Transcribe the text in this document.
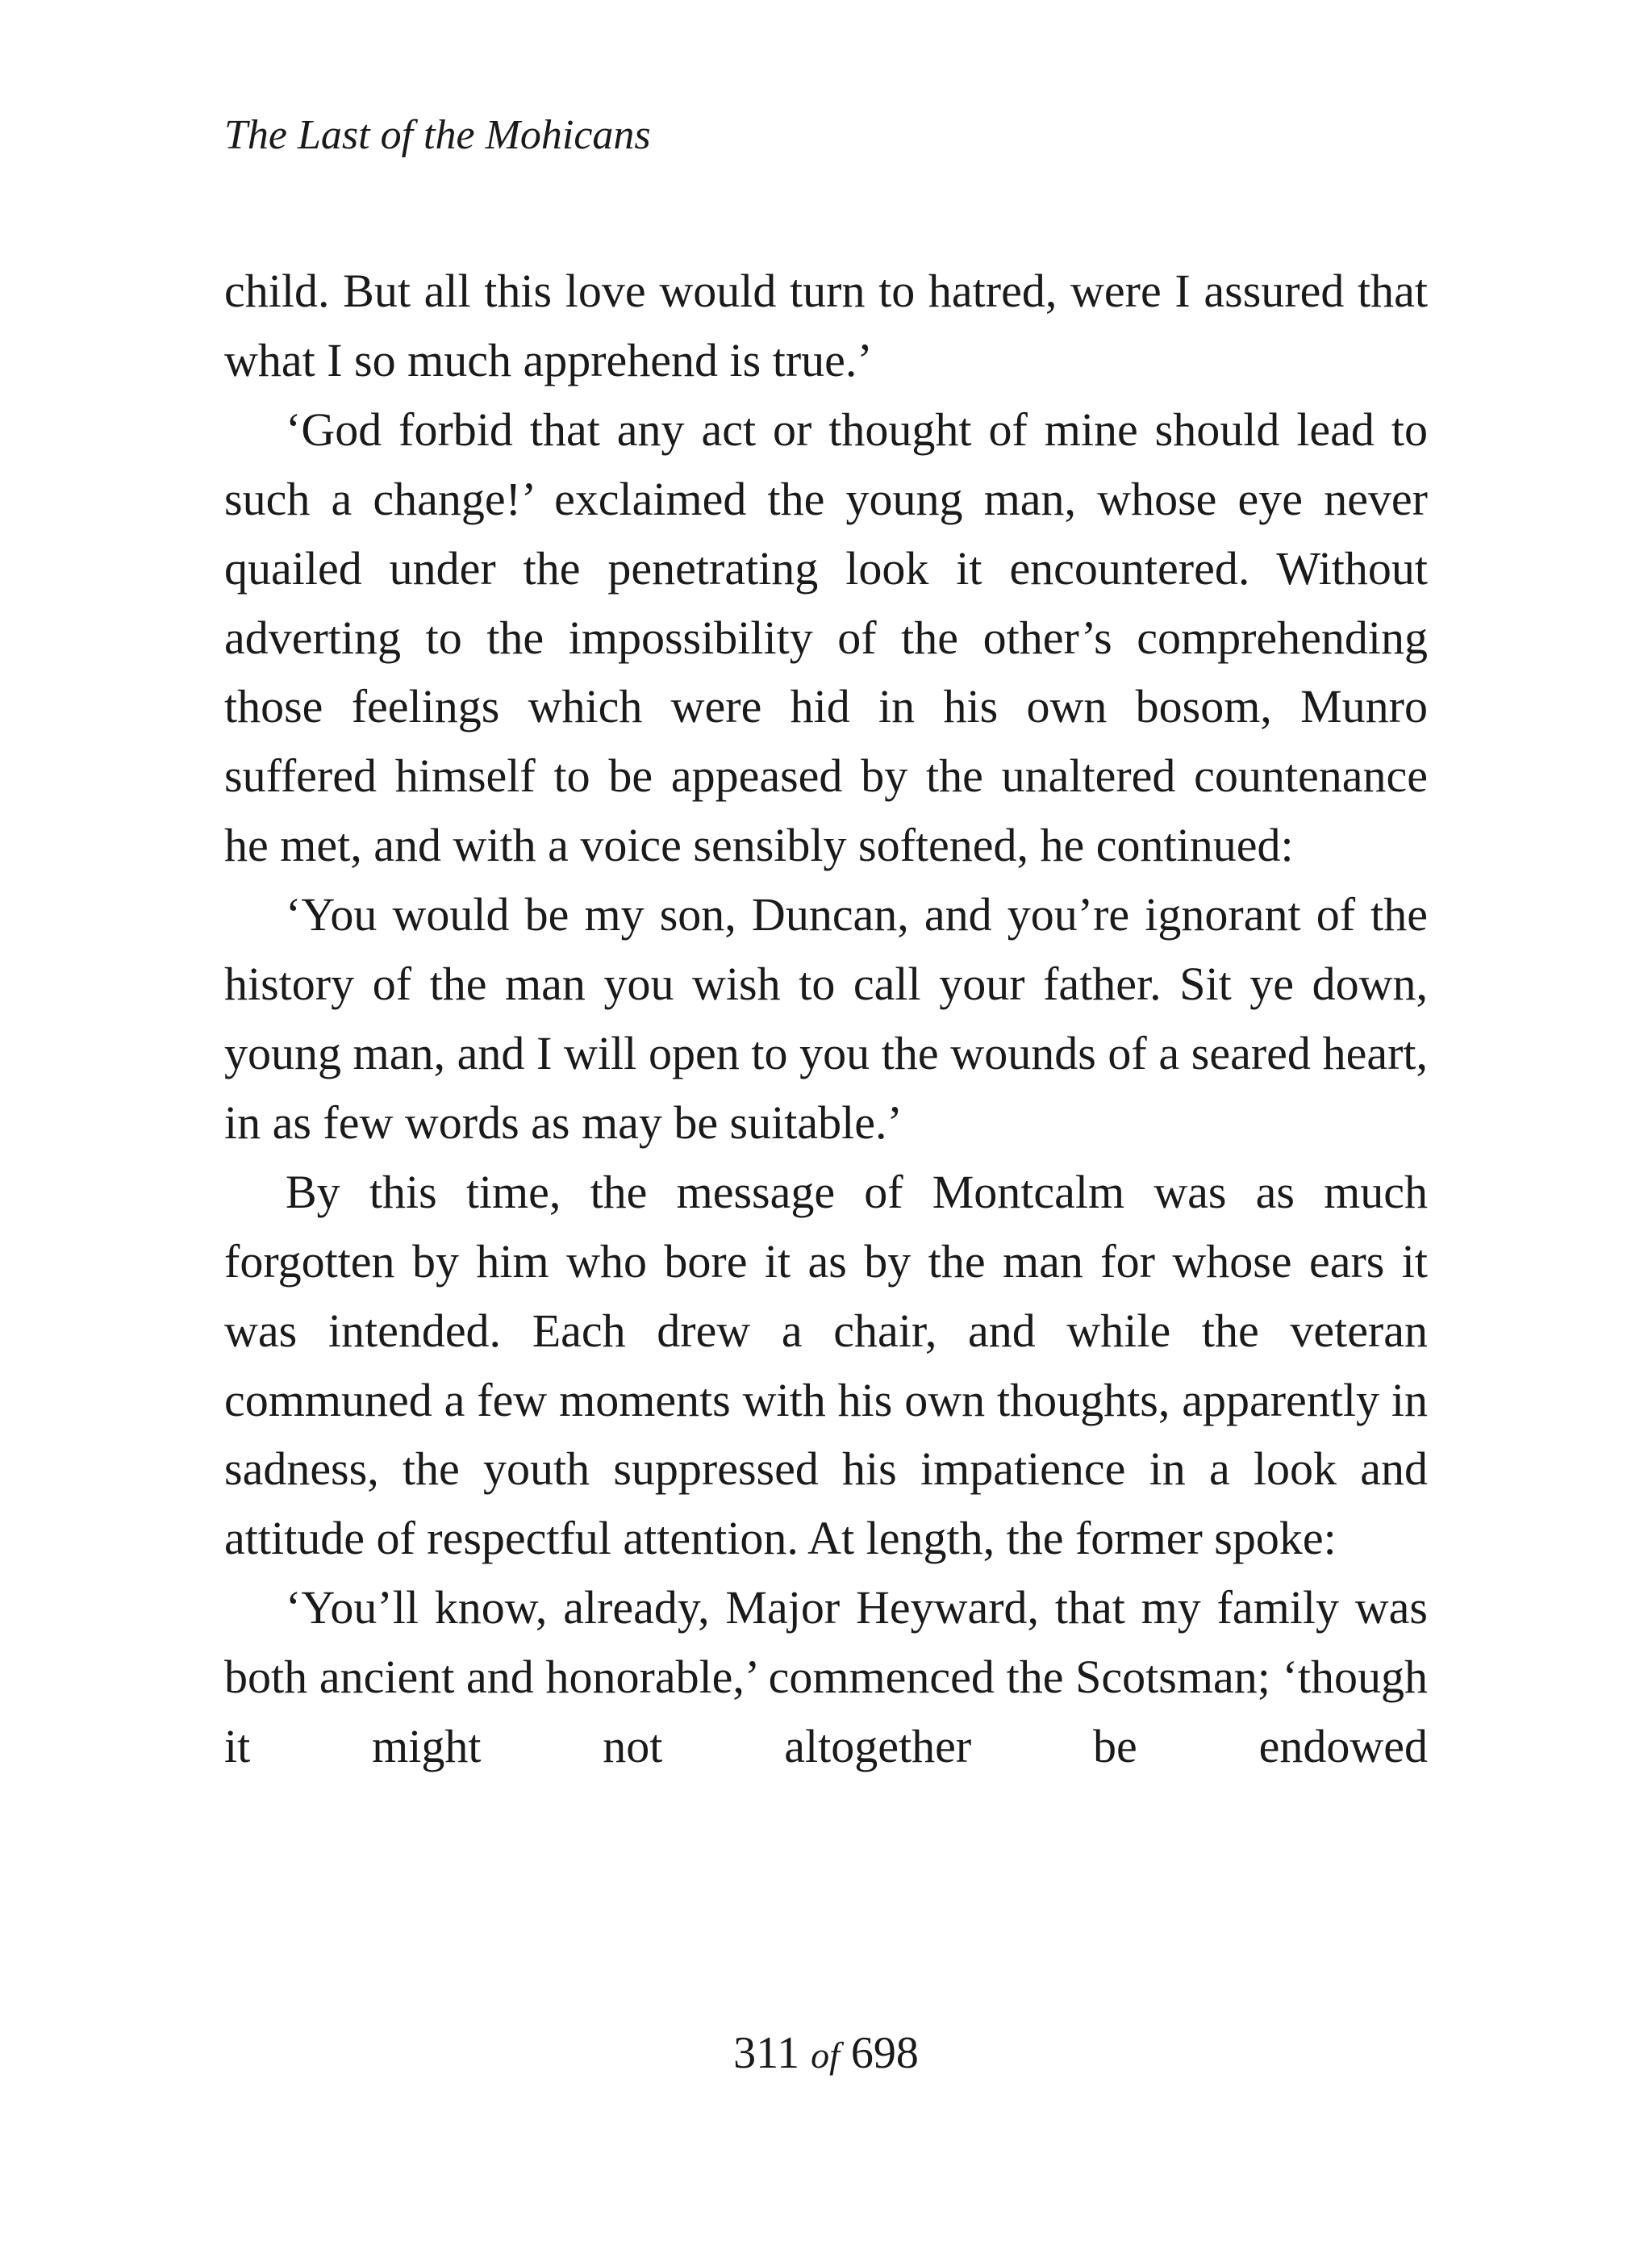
The Last of the Mohicans

child. But all this love would turn to hatred, were I assured that what I so much apprehend is true.’

‘God forbid that any act or thought of mine should lead to such a change!’ exclaimed the young man, whose eye never quailed under the penetrating look it encountered. Without adverting to the impossibility of the other’s comprehending those feelings which were hid in his own bosom, Munro suffered himself to be appeased by the unaltered countenance he met, and with a voice sensibly softened, he continued:

‘You would be my son, Duncan, and you’re ignorant of the history of the man you wish to call your father. Sit ye down, young man, and I will open to you the wounds of a seared heart, in as few words as may be suitable.’

By this time, the message of Montcalm was as much forgotten by him who bore it as by the man for whose ears it was intended. Each drew a chair, and while the veteran communed a few moments with his own thoughts, apparently in sadness, the youth suppressed his impatience in a look and attitude of respectful attention. At length, the former spoke:

‘You’ll know, already, Major Heyward, that my family was both ancient and honorable,’ commenced the Scotsman; ‘though it might not altogether be endowed

311 of 698
